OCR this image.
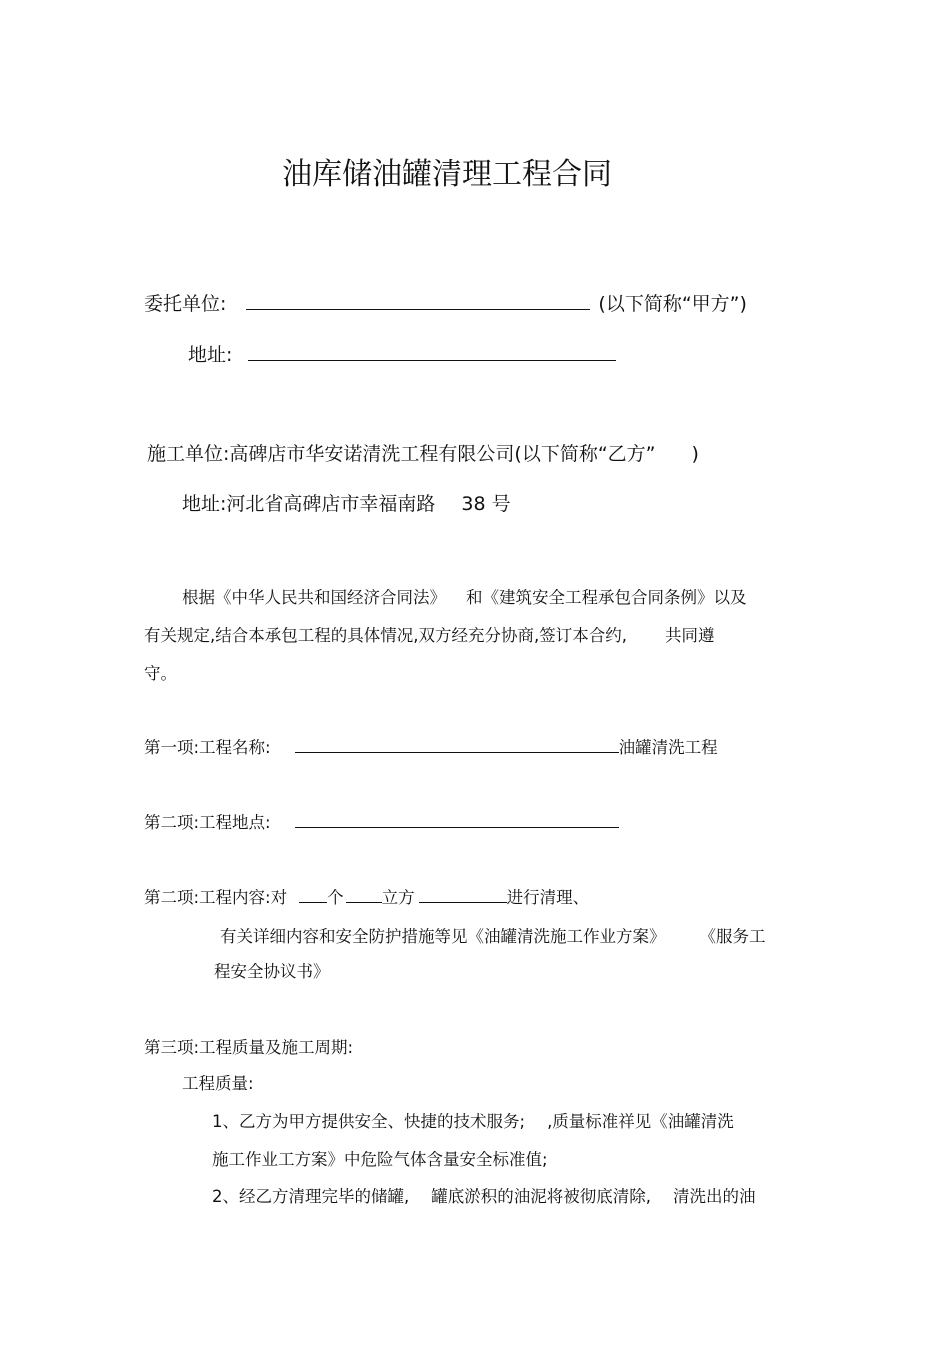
油库储油罐清理工程合同
委托单位:	(以下简称“甲方”)
地址:
施工单位:高碑店市华安诺清洗工程有限公司(以下简称“乙方” )
地址:河北省高碑店市幸福南路 38 号
根据《中华人民共和国经济合同法》 和《建筑安全工程承包合同条例》以及
有关规定,结合本承包工程的具体情况,双方经充分协商,签订本合约, 共同遵
守。
第一项:工程名称:	油罐清洗工程
第二项:工程地点:
第二项:工程内容:对 个 立方	进行清理、
有关详细内容和安全防护措施等见《油罐清洗施工作业方案》 《服务工
程安全协议书》
第三项:工程质量及施工周期:
工程质量:
1、乙方为甲方提供安全、快捷的技术服务; ,质量标准祥见《油罐清洗
施工作业工方案》中危险气体含量安全标准值;
2、经乙方清理完毕的储罐, 罐底淤积的油泥将被彻底清除, 清洗出的油
